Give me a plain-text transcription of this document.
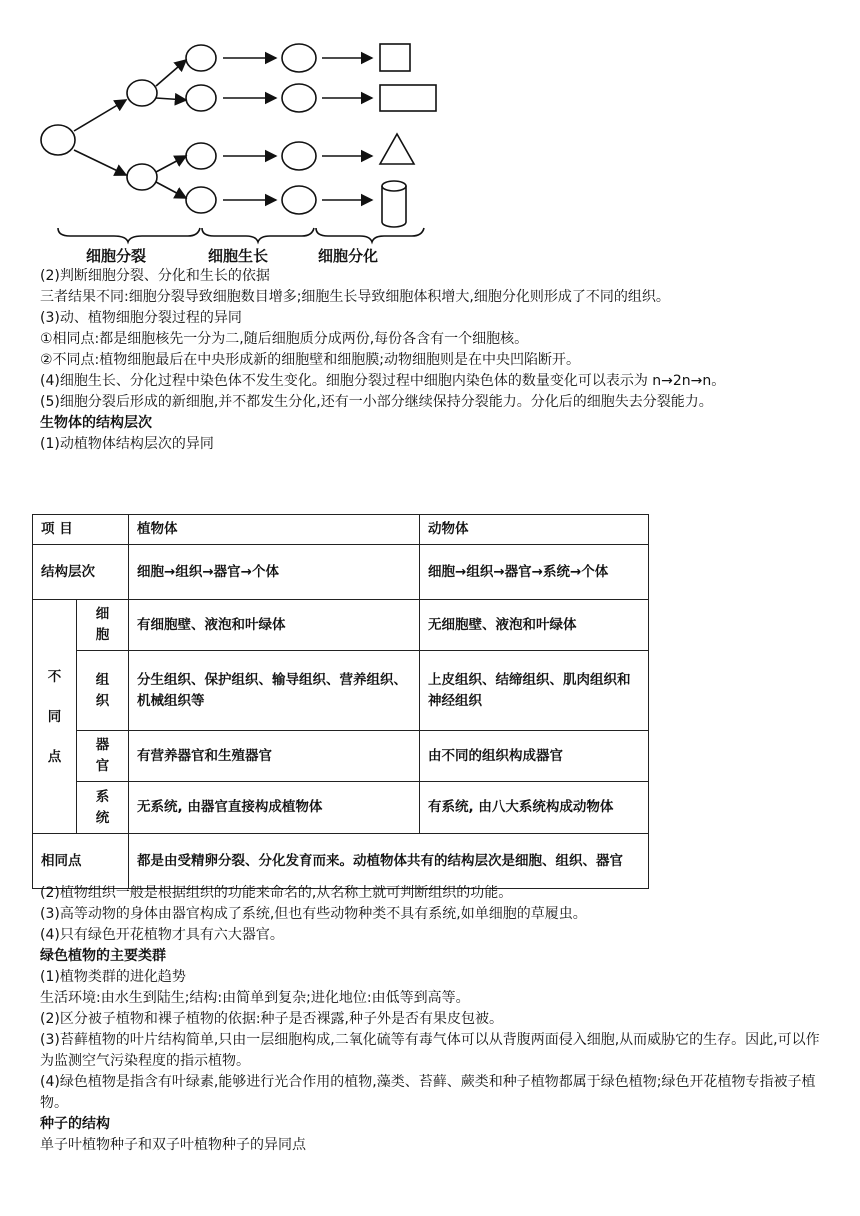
细胞分裂	细胞生长	细胞分化

(2)判断细胞分裂、分化和生长的依据

三者结果不同:细胞分裂导致细胞数目增多;细胞生长导致细胞体积增大,细胞分化则形成了不同的组织。

(3)动、植物细胞分裂过程的异同

①相同点:都是细胞核先一分为二,随后细胞质分成两份,每份各含有一个细胞核。

②不同点:植物细胞最后在中央形成新的细胞壁和细胞膜;动物细胞则是在中央凹陷断开。

(4)细胞生长、分化过程中染色体不发生变化。细胞分裂过程中细胞内染色体的数量变化可以表示为 n→2n→n。

(5)细胞分裂后形成的新细胞,并不都发生分化,还有一小部分继续保持分裂能力。分化后的细胞失去分裂能力。

生物体的结构层次

(1)动植物体结构层次的异同

项 目		植物体	动物体
结构层次		细胞→组织→器官→个体	细胞→组织→器官→系统→个体

不同点	细胞	有细胞壁、液泡和叶绿体	无细胞壁、液泡和叶绿体

	组织	分生组织、保护组织、输导组织、营养组织、机械组织等	上皮组织、结缔组织、肌肉组织和神经组织

	器官	有营养器官和生殖器官	由不同的组织构成器官

	系统	无系统, 由器官直接构成植物体	有系统, 由八大系统构成动物体
相同点		都是由受精卵分裂、分化发育而来。动植物体共有的结构层次是细胞、组织、器官	

(2)植物组织一般是根据组织的功能来命名的,从名称上就可判断组织的功能。

(3)高等动物的身体由器官构成了系统,但也有些动物种类不具有系统,如单细胞的草履虫。

(4)只有绿色开花植物才具有六大器官。

绿色植物的主要类群

(1)植物类群的进化趋势

生活环境:由水生到陆生;结构:由简单到复杂;进化地位:由低等到高等。

(2)区分被子植物和裸子植物的依据:种子是否裸露,种子外是否有果皮包被。

(3)苔藓植物的叶片结构简单,只由一层细胞构成,二氧化硫等有毒气体可以从背腹两面侵入细胞,从而威胁它的生存。因此,可以作为监测空气污染程度的指示植物。

(4)绿色植物是指含有叶绿素,能够进行光合作用的植物,藻类、苔藓、蕨类和种子植物都属于绿色植物;绿色开花植物专指被子植物。

种子的结构

单子叶植物种子和双子叶植物种子的异同点
